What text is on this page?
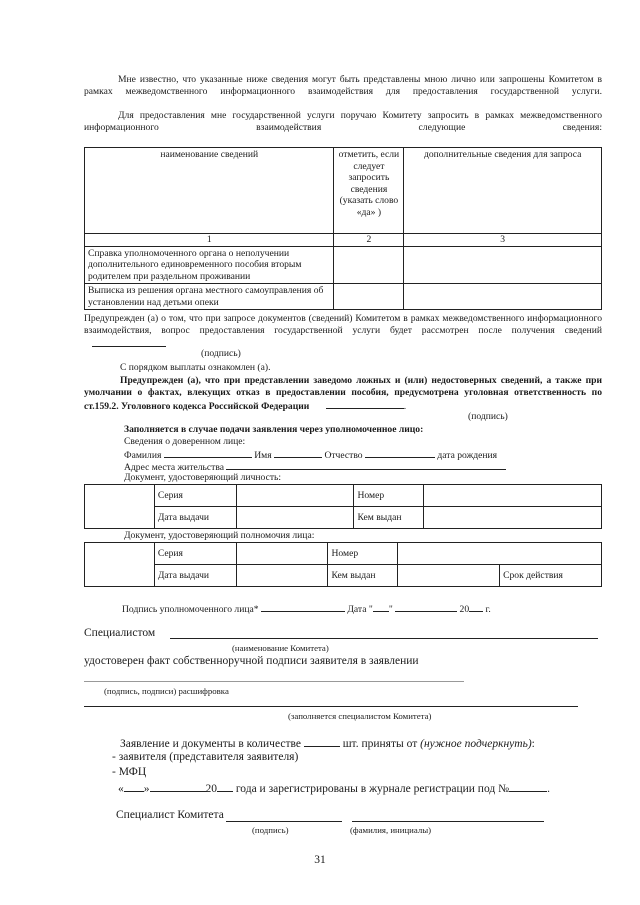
Мне известно, что указанные ниже сведения могут быть представлены мною лично или запрошены Комитетом в рамках межведомственного информационного взаимодействия для предоставления государственной услуги.
Для предоставления мне государственной услуги поручаю Комитету запросить в рамках межведомственного информационного взаимодействия следующие сведения:
наименование сведений	отметить, если следует запросить сведения (указать слово «да» )	дополнительные сведения для запроса
1	2	3
Справка уполномоченного органа о неполучении дополнительного единовременного пособия вторым родителем при раздельном проживании		
Выписка из решения органа местного самоуправления об установлении над детьми опеки		
Предупрежден (а) о том, что при запросе документов (сведений) Комитетом в рамках межведомственного информационного взаимодействия, вопрос предоставления государственной услуги будет рассмотрен после получения сведений
(подпись)
С порядком выплаты ознакомлен (а).
Предупрежден (а), что при представлении заведомо ложных и (или) недостоверных сведений, а также при умолчании о фактах, влекущих отказ в предоставлении пособия, предусмотрена уголовная ответственность по ст.159.2. Уголовного кодекса Российской Федерации	.
(подпись)
Заполняется в случае подачи заявления через уполномоченное лицо:
Сведения о доверенном лице:
Фамилия	Имя	Отчество	дата рождения
Адрес места жительства
Документ, удостоверяющий личность:
	Серия		Номер	
	Дата выдачи		Кем выдан	
Документ, удостоверяющий полномочия лица:
	Серия		Номер		
	Дата выдачи		Кем выдан		Срок действия
Подпись уполномоченного лица*	Дата " "	20 г.
Специалистом
(наименование Комитета)
удостоверен факт собственноручной подписи заявителя в заявлении
(подпись, подписи) расшифровка
(заполняется специалистом Комитета)
Заявление и документы в количестве	шт. приняты от (нужное подчеркнуть):
- заявителя (представителя заявителя)
- МФЦ
« »	20 года и зарегистрированы в журнале регистрации под №	.
Специалист Комитета
(подпись)	(фамилия, инициалы)
31
